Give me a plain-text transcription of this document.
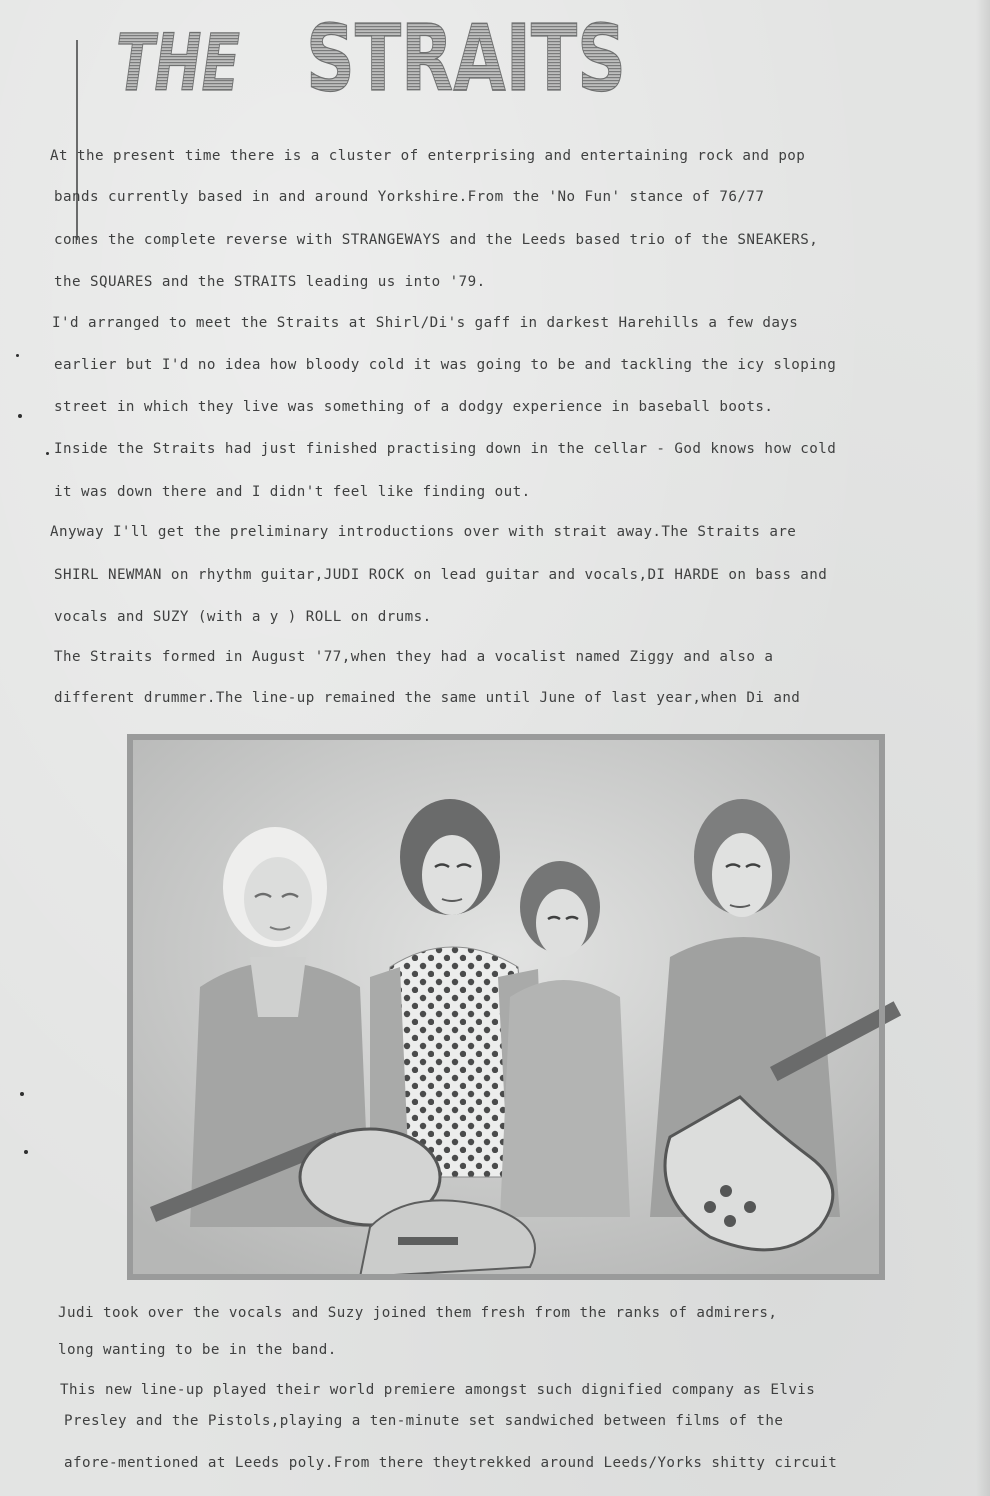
THE STRAITS
At the present time there is a cluster of enterprising and entertaining rock and pop
bands currently based in and around Yorkshire.From the 'No Fun' stance of 76/77
comes the complete reverse with STRANGEWAYS and the Leeds based trio of the SNEAKERS,
the SQUARES and the STRAITS leading us into '79.
I'd arranged to meet the Straits at Shirl/Di's gaff in darkest Harehills a few days
earlier but I'd no idea how bloody cold it was going to be and tackling the icy sloping
street in which they live was something of a dodgy experience in baseball boots.
Inside the Straits had just finished practising down in the cellar - God knows how cold
it was down there and I didn't feel like finding out.
Anyway I'll get the preliminary introductions over with strait away.The Straits are
SHIRL NEWMAN on rhythm guitar,JUDI ROCK on lead guitar and vocals,DI HARDE on bass and
vocals and SUZY (with a y ) ROLL on drums.
The Straits formed in August '77,when they had a vocalist named Ziggy and also a
different drummer.The line-up remained the same until June of last year,when Di and
Judi took over the vocals and Suzy joined them fresh from the ranks of admirers,
long wanting to be in the band.
This new line-up played their world premiere amongst such dignified company as Elvis
Presley and the Pistols,playing a ten-minute set sandwiched between films of the
afore-mentioned at Leeds poly.From there theytrekked around Leeds/Yorks shitty circuit
